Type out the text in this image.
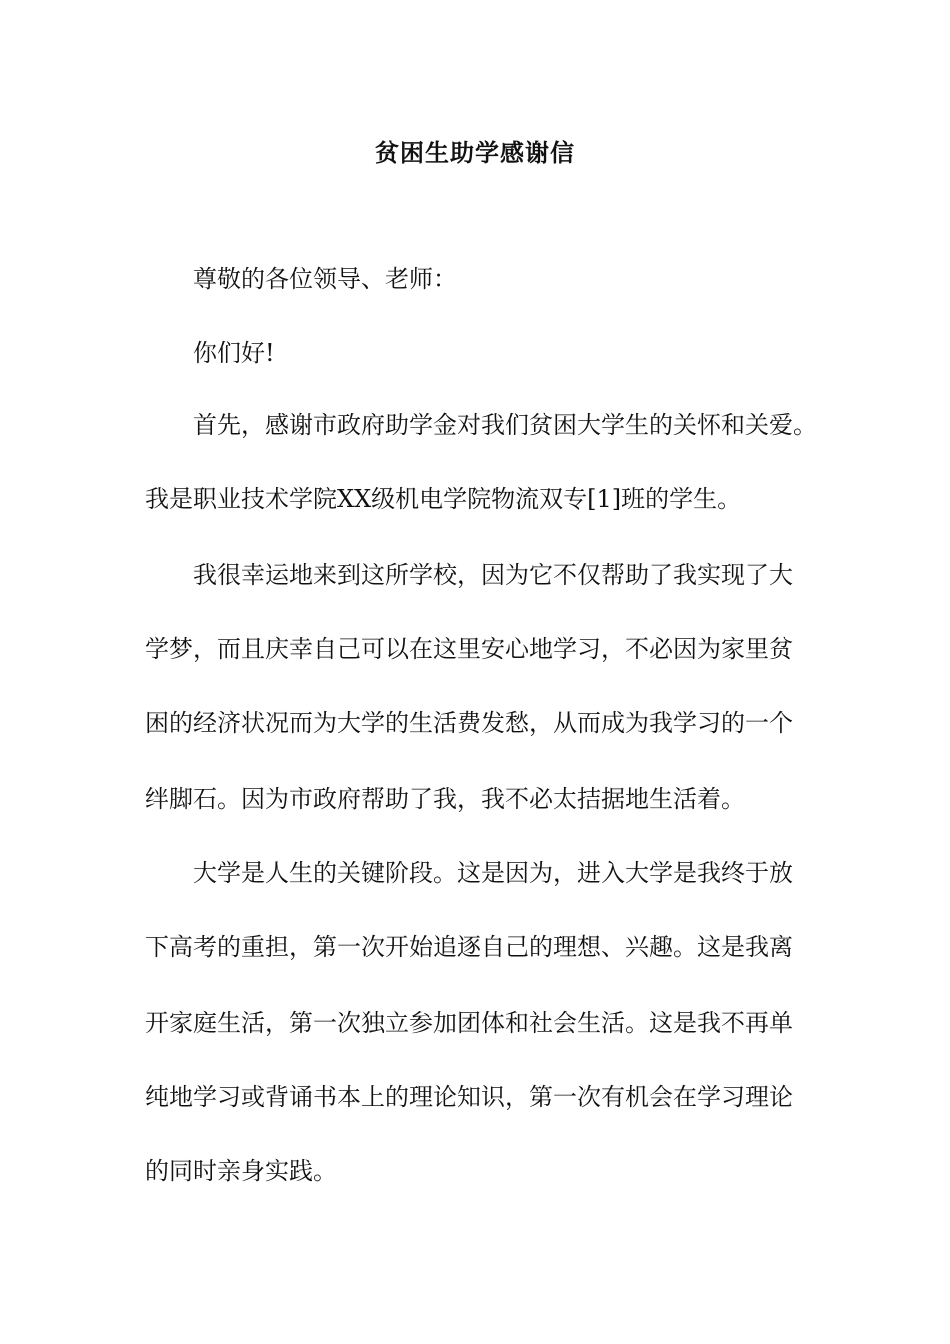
贫困生助学感谢信
尊敬的各位领导、老师：
你们好!
首先，感谢市政府助学金对我们贫困大学生的关怀和关爱。
我是职业技术学院XX级机电学院物流双专[1]班的学生。
我很幸运地来到这所学校，因为它不仅帮助了我实现了大
学梦，而且庆幸自己可以在这里安心地学习，不必因为家里贫
困的经济状况而为大学的生活费发愁，从而成为我学习的一个
绊脚石。因为市政府帮助了我，我不必太拮据地生活着。
大学是人生的关键阶段。这是因为，进入大学是我终于放
下高考的重担，第一次开始追逐自己的理想、兴趣。这是我离
开家庭生活，第一次独立参加团体和社会生活。这是我不再单
纯地学习或背诵书本上的理论知识，第一次有机会在学习理论
的同时亲身实践。
